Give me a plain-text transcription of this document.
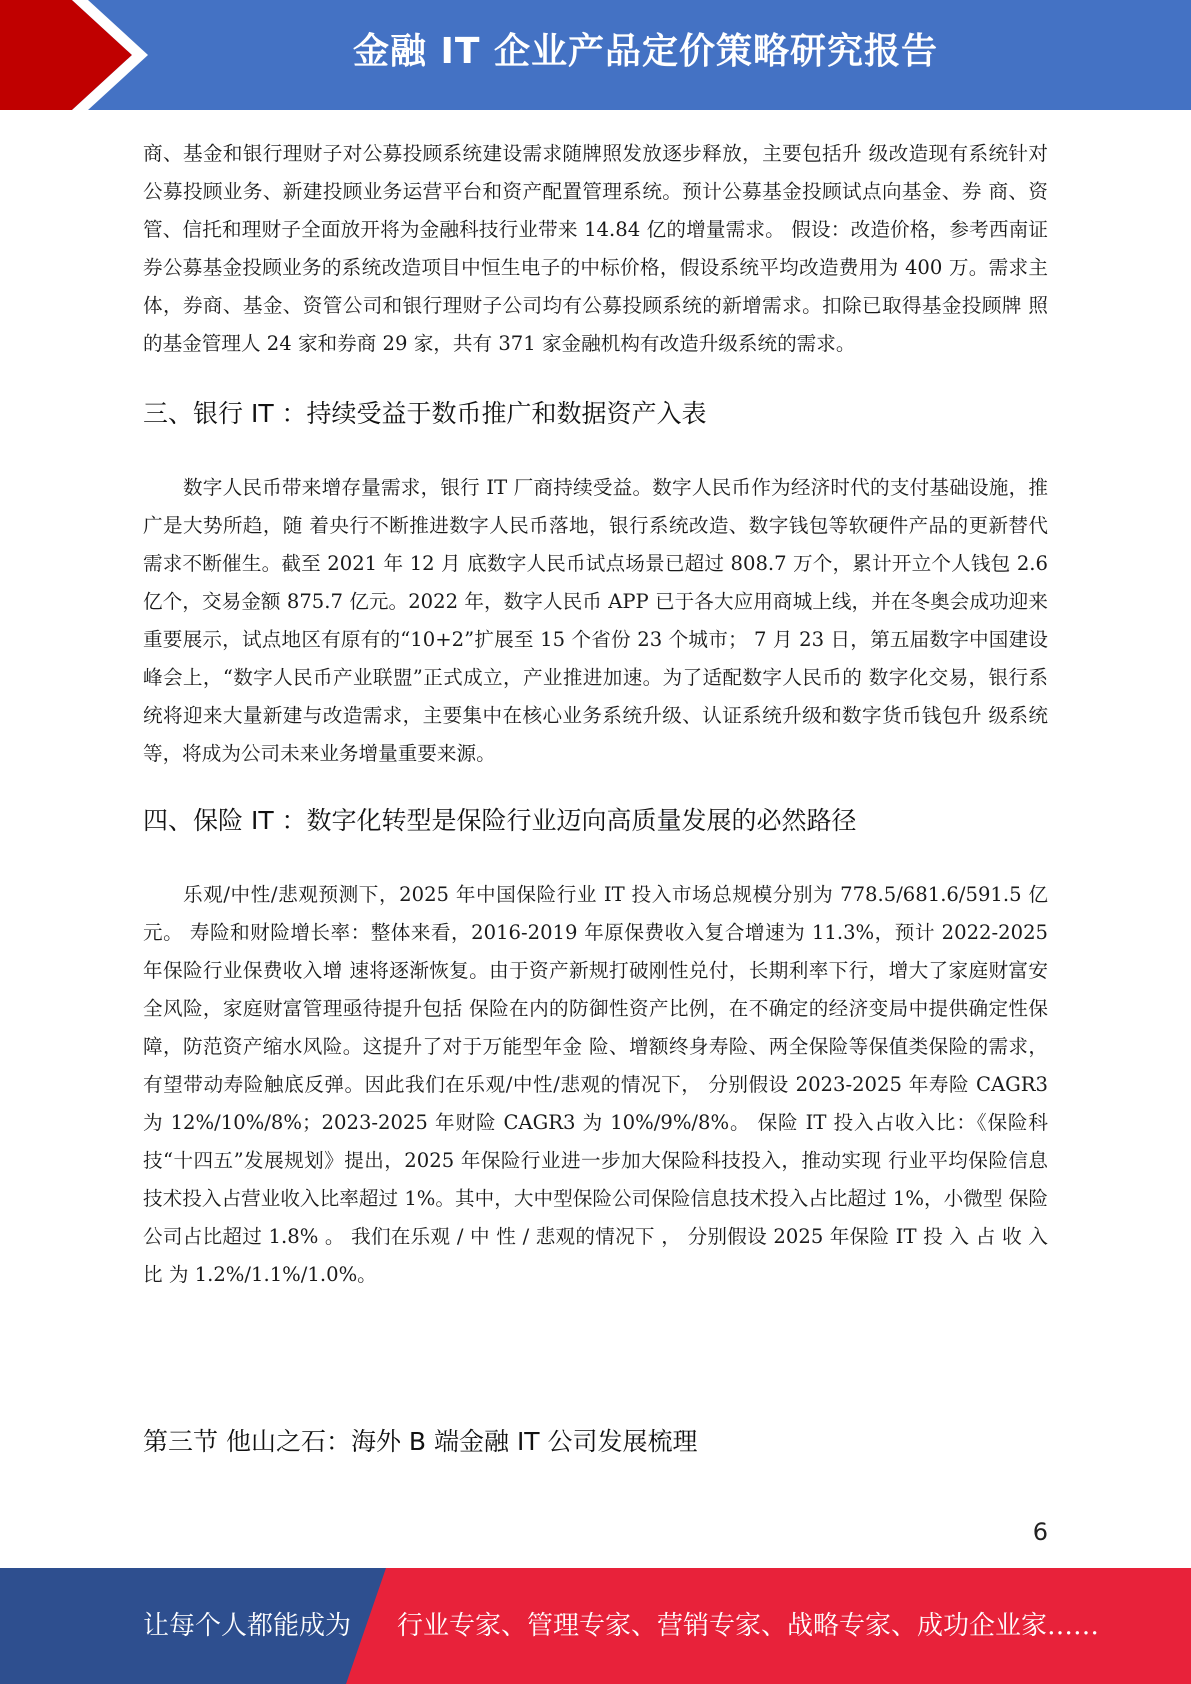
金融 IT 企业产品定价策略研究报告

商、基金和银行理财子对公募投顾系统建设需求随牌照发放逐步释放，主要包括升 级改造现有系统针对公募投顾业务、新建投顾业务运营平台和资产配置管理系统。预计公募基金投顾试点向基金、券 商、资管、信托和理财子全面放开将为金融科技行业带来 14.84 亿的增量需求。 假设：改造价格，参考西南证券公募基金投顾业务的系统改造项目中恒生电子的中标价格，假设系统平均改造费用为 400 万。需求主体，券商、基金、资管公司和银行理财子公司均有公募投顾系统的新增需求。扣除已取得基金投顾牌 照的基金管理人 24 家和券商 29 家，共有 371 家金融机构有改造升级系统的需求。

三、银行 IT ：持续受益于数币推广和数据资产入表

数字人民币带来增存量需求，银行 IT 厂商持续受益。数字人民币作为经济时代的支付基础设施，推广是大势所趋，随 着央行不断推进数字人民币落地，银行系统改造、数字钱包等软硬件产品的更新替代需求不断催生。截至 2021 年 12 月 底数字人民币试点场景已超过 808.7 万个，累计开立个人钱包 2.6 亿个，交易金额 875.7 亿元。2022 年，数字人民币 APP 已于各大应用商城上线，并在冬奥会成功迎来重要展示，试点地区有原有的“10+2”扩展至 15 个省份 23 个城市； 7 月 23 日，第五届数字中国建设峰会上，“数字人民币产业联盟”正式成立，产业推进加速。为了适配数字人民币的 数字化交易，银行系统将迎来大量新建与改造需求，主要集中在核心业务系统升级、认证系统升级和数字货币钱包升 级系统等，将成为公司未来业务增量重要来源。

四、保险 IT ：数字化转型是保险行业迈向高质量发展的必然路径

乐观/中性/悲观预测下，2025 年中国保险行业 IT 投入市场总规模分别为 778.5/681.6/591.5 亿元。 寿险和财险增长率：整体来看，2016-2019 年原保费收入复合增速为 11.3%，预计 2022-2025 年保险行业保费收入增 速将逐渐恢复。由于资产新规打破刚性兑付，长期利率下行，增大了家庭财富安全风险，家庭财富管理亟待提升包括 保险在内的防御性资产比例，在不确定的经济变局中提供确定性保障，防范资产缩水风险。这提升了对于万能型年金 险、增额终身寿险、两全保险等保值类保险的需求，有望带动寿险触底反弹。因此我们在乐观/中性/悲观的情况下， 分别假设 2023-2025 年寿险 CAGR3 为 12%/10%/8%；2023-2025 年财险 CAGR3 为 10%/9%/8%。 保险 IT 投入占收入比：《保险科技“十四五”发展规划》提出，2025 年保险行业进一步加大保险科技投入，推动实现 行业平均保险信息技术投入占营业收入比率超过 1%。其中，大中型保险公司保险信息技术投入占比超过 1%，小微型 保险公司占比超过 1.8% 。 我们在乐观 / 中 性 / 悲观的情况下 ， 分别假设 2025 年保险 IT 投 入 占 收 入 比 为 1.2%/1.1%/1.0%。

第三节 他山之石：海外 B 端金融 IT 公司发展梳理
6
让每个人都能成为 行业专家、管理专家、营销专家、战略专家、成功企业家……
